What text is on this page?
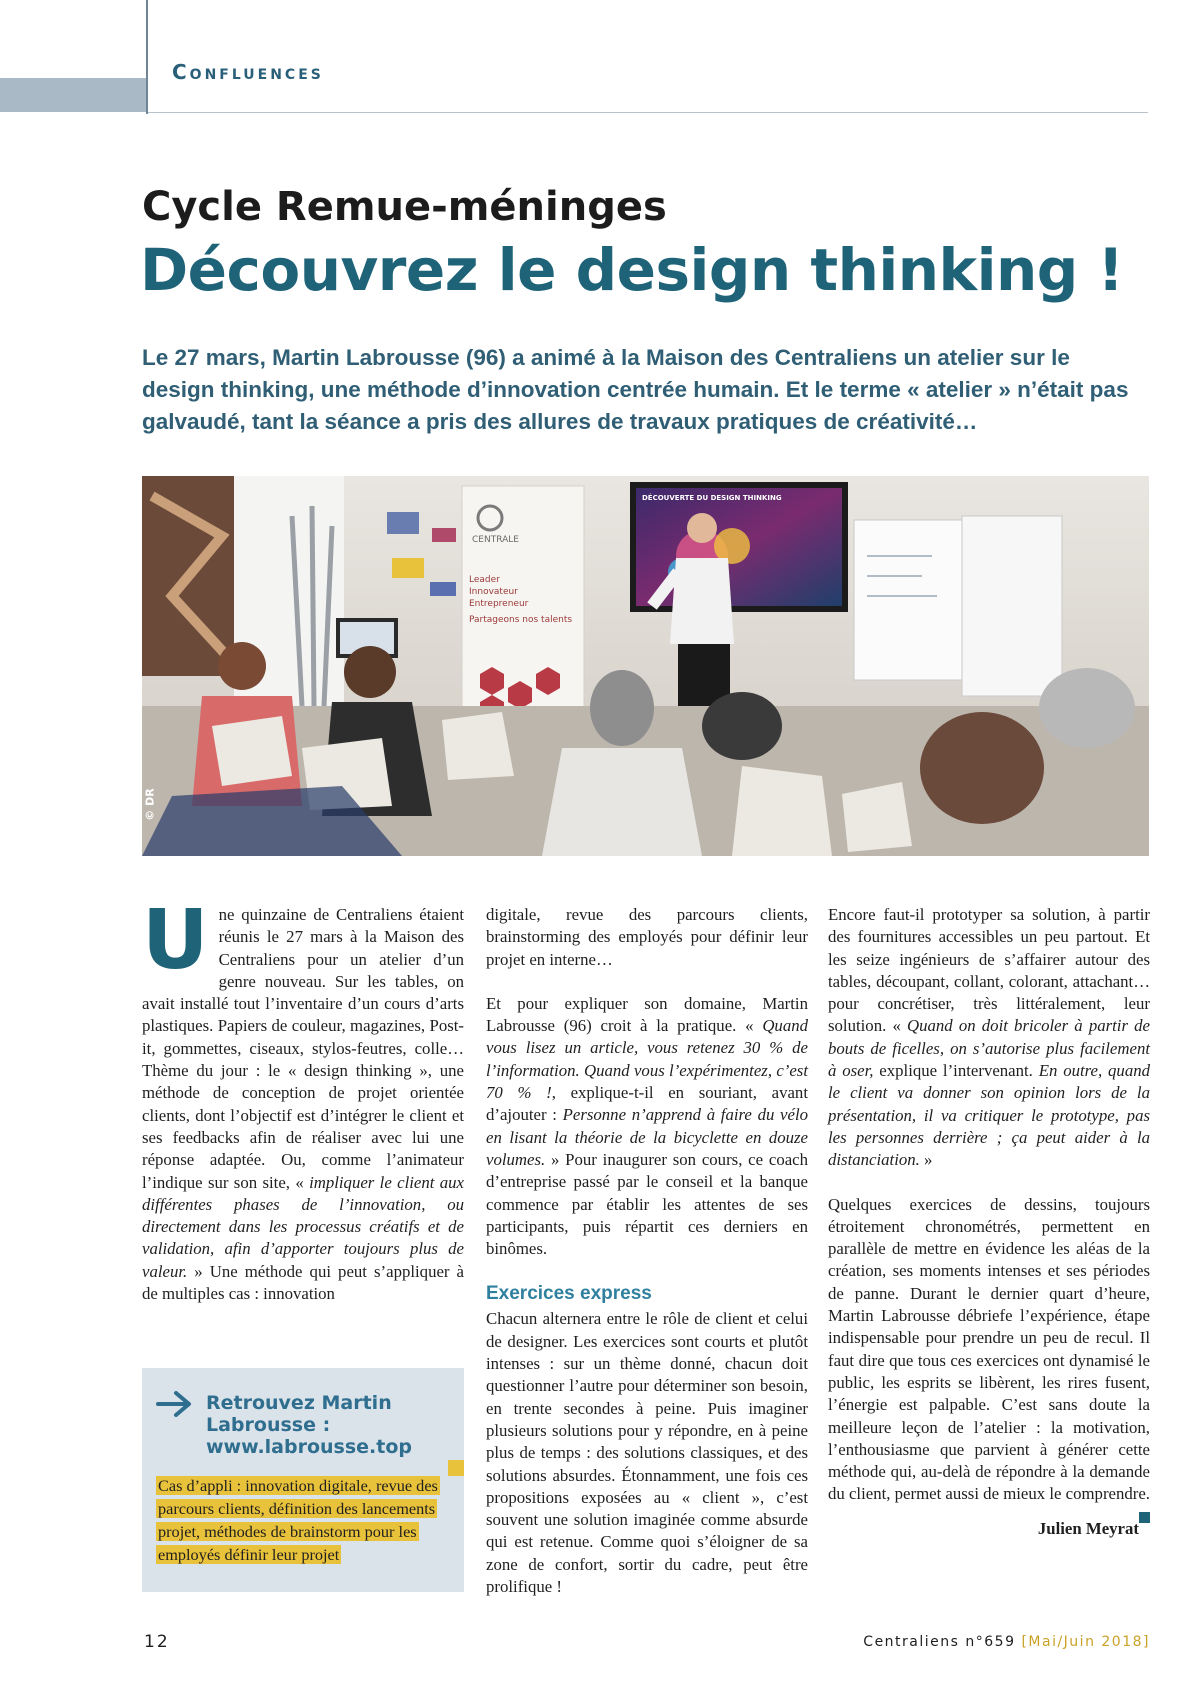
Confluences
Cycle Remue-méninges
Découvrez le design thinking !
Le 27 mars, Martin Labrousse (96) a animé à la Maison des Centraliens un atelier sur le design thinking, une méthode d’innovation centrée humain. Et le terme « atelier » n’était pas galvaudé, tant la séance a pris des allures de travaux pratiques de créativité…
CENTRALE
Leader
Innovateur
Entrepreneur
Partageons nos talents
DÉCOUVERTE DU DESIGN THINKING
© DR

Une quinzaine de Centraliens étaient réunis le 27 mars à la Maison des Centraliens pour un atelier d’un genre nouveau. Sur les tables, on avait installé tout l’inventaire d’un cours d’arts plastiques. Papiers de couleur, magazines, Post-it, gommettes, ciseaux, stylos-feutres, colle… Thème du jour : le « design thinking », une méthode de conception de projet orientée clients, dont l’objectif est d’intégrer le client et ses feedbacks afin de réaliser avec lui une réponse adaptée. Ou, comme l’animateur l’indique sur son site, « impliquer le client aux différentes phases de l’innovation, ou directement dans les processus créatifs et de validation, afin d’apporter toujours plus de valeur. » Une méthode qui peut s’appliquer à de multiples cas : innovation

digitale, revue des parcours clients, brainstorming des employés pour définir leur projet en interne…

Et pour expliquer son domaine, Martin Labrousse (96) croit à la pratique. « Quand vous lisez un article, vous retenez 30 % de l’information. Quand vous l’expérimentez, c’est 70 % !, explique-t-il en souriant, avant d’ajouter : Personne n’apprend à faire du vélo en lisant la théorie de la bicyclette en douze volumes. » Pour inaugurer son cours, ce coach d’entreprise passé par le conseil et la banque commence par établir les attentes de ses participants, puis répartit ces derniers en binômes.

Exercices express

Chacun alternera entre le rôle de client et celui de designer. Les exercices sont courts et plutôt intenses : sur un thème donné, chacun doit questionner l’autre pour déterminer son besoin, en trente secondes à peine. Puis imaginer plusieurs solutions pour y répondre, en à peine plus de temps : des solutions classiques, et des solutions absurdes. Étonnamment, une fois ces propositions exposées au « client », c’est souvent une solution imaginée comme absurde qui est retenue. Comme quoi s’éloigner de sa zone de confort, sortir du cadre, peut être prolifique !

Encore faut-il prototyper sa solution, à partir des fournitures accessibles un peu partout. Et les seize ingénieurs de s’affairer autour des tables, découpant, collant, colorant, attachant… pour concrétiser, très littéralement, leur solution. « Quand on doit bricoler à partir de bouts de ficelles, on s’autorise plus facilement à oser, explique l’intervenant. En outre, quand le client va donner son opinion lors de la présentation, il va critiquer le prototype, pas les personnes derrière ; ça peut aider à la distanciation. »

Quelques exercices de dessins, toujours étroitement chronométrés, permettent en parallèle de mettre en évidence les aléas de la création, ses moments intenses et ses périodes de panne. Durant le dernier quart d’heure, Martin Labrousse débriefe l’expérience, étape indispensable pour prendre un peu de recul. Il faut dire que tous ces exercices ont dynamisé le public, les esprits se libèrent, les rires fusent, l’énergie est palpable. C’est sans doute la meilleure leçon de l’atelier : la motivation, l’enthousiasme que parvient à générer cette méthode qui, au-delà de répondre à la demande du client, permet aussi de mieux le comprendre.

Julien Meyrat
Retrouvez Martin Labrousse : www.labrousse.top
Cas d’appli : innovation digitale, revue des parcours clients, définition des lancements projet, méthodes de brainstorm pour les employés définir leur projet
12	Centraliens n°659 [Mai/Juin 2018]
